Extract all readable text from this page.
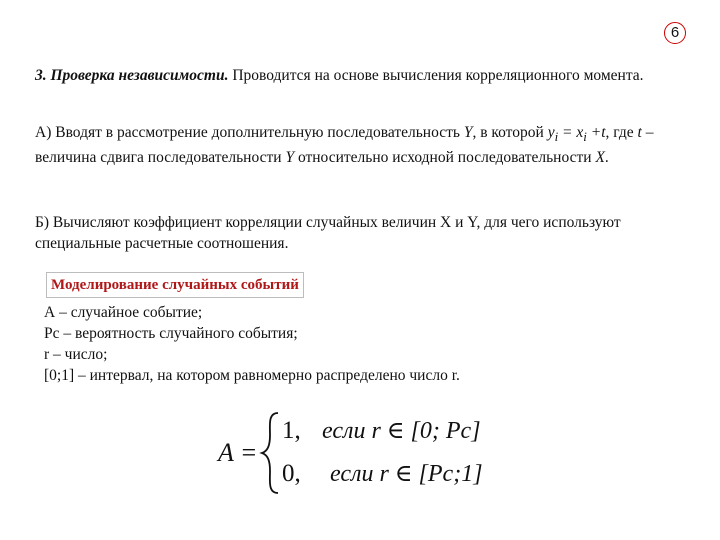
6
3. Проверка независимости. Проводится на основе вычисления корреляционного момента.
А) Вводят в рассмотрение дополнительную последовательность Y, в которой $y_i = x_i +t$, где t – величина сдвига последовательности Y относительно исходной последовательности X.
Б) Вычисляют коэффициент корреляции случайных величин X и Y, для чего используют специальные расчетные соотношения.
Моделирование случайных событий
А – случайное событие;
Pc – вероятность случайного события;
r – число;
[0;1] – интервал, на котором равномерно распределено число r.
A =
1, если r ∈ [0; Pc]
0, если r ∈ [Pc;1]
